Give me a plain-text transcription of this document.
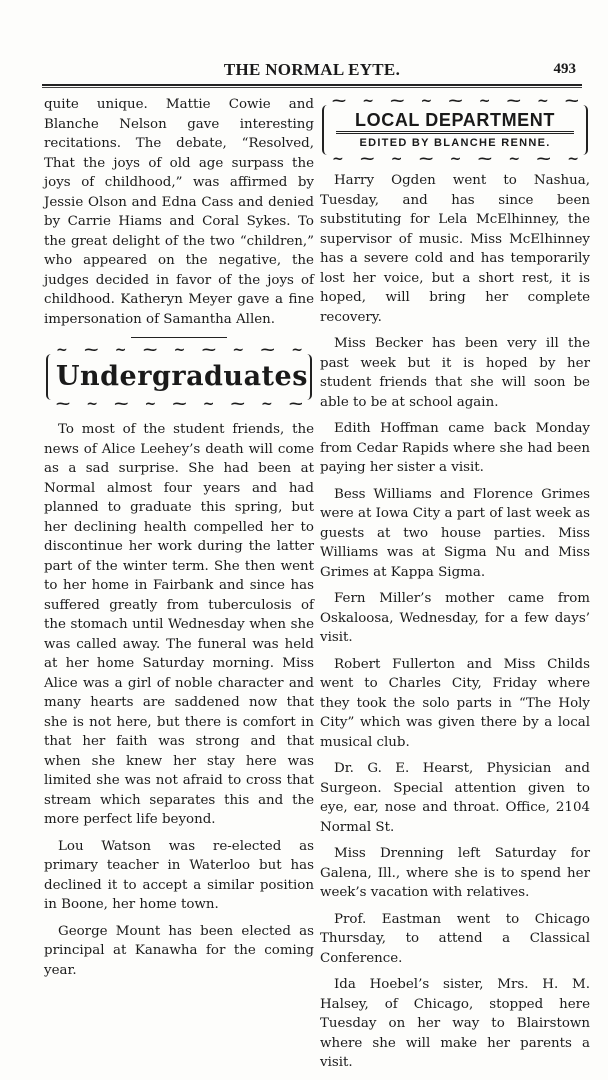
THE NORMAL EYTE.	493

quite unique. Mattie Cowie and Blanche Nelson gave interesting recitations. The debate, “Resolved, That the joys of old age surpass the joys of childhood,” was affirmed by Jessie Olson and Edna Cass and denied by Carrie Hiams and Coral Sykes. To the great delight of the two “children,” who appeared on the negative, the judges decided in favor of the joys of childhood. Katheryn Meyer gave a fine impersonation of Samantha Allen.

~ ⁓ ~ ⁓ ~ ⁓ ~ ⁓ ~
Undergraduates
⁓ ~ ⁓ ~ ⁓ ~ ⁓ ~ ⁓

To most of the student friends, the news of Alice Leehey’s death will come as a sad surprise. She had been at Normal almost four years and had planned to graduate this spring, but her declining health compelled her to discontinue her work during the latter part of the winter term. She then went to her home in Fairbank and since has suffered greatly from tuberculosis of the stomach until Wednesday when she was called away. The funeral was held at her home Saturday morning. Miss Alice was a girl of noble character and many hearts are saddened now that she is not here, but there is comfort in that her faith was strong and that when she knew her stay here was limited she was not afraid to cross that stream which separates this and the more perfect life beyond.

Lou Watson was re-elected as primary teacher in Waterloo but has declined it to accept a similar position in Boone, her home town.

George Mount has been elected as principal at Kanawha for the coming year.

⁓ ~ ⁓ ~ ⁓ ~ ⁓ ~ ⁓
LOCAL DEPARTMENT
EDITED BY BLANCHE RENNE.
~ ⁓ ~ ⁓ ~ ⁓ ~ ⁓ ~

Harry Ogden went to Nashua, Tuesday, and has since been substituting for Lela McElhinney, the supervisor of music. Miss McElhinney has a severe cold and has temporarily lost her voice, but a short rest, it is hoped, will bring her complete recovery.

Miss Becker has been very ill the past week but it is hoped by her student friends that she will soon be able to be at school again.

Edith Hoffman came back Monday from Cedar Rapids where she had been paying her sister a visit.

Bess Williams and Florence Grimes were at Iowa City a part of last week as guests at two house parties. Miss Williams was at Sigma Nu and Miss Grimes at Kappa Sigma.

Fern Miller’s mother came from Oskaloosa, Wednesday, for a few days’ visit.

Robert Fullerton and Miss Childs went to Charles City, Friday where they took the solo parts in “The Holy City” which was given there by a local musical club.

Dr. G. E. Hearst, Physician and Surgeon. Special attention given to eye, ear, nose and throat. Office, 2104 Normal St.

Miss Drenning left Saturday for Galena, Ill., where she is to spend her week’s vacation with relatives.

Prof. Eastman went to Chicago Thursday, to attend a Classical Conference.

Ida Hoebel’s sister, Mrs. H. M. Halsey, of Chicago, stopped here Tuesday on her way to Blairstown where she will make her parents a visit.
